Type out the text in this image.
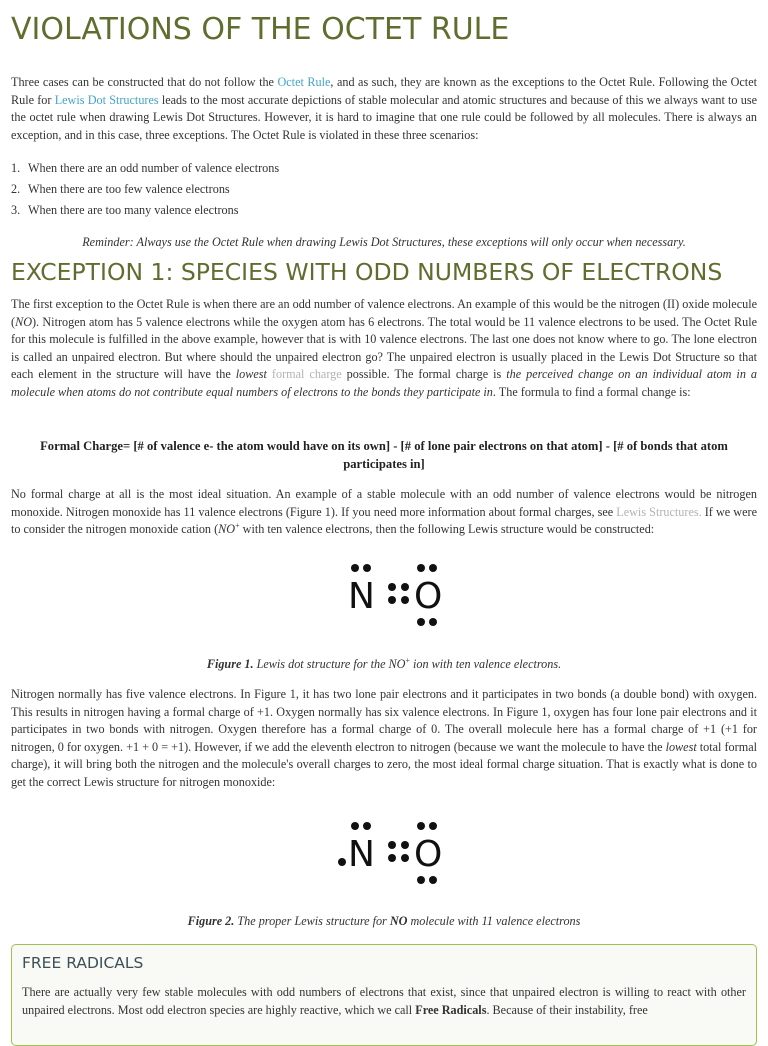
VIOLATIONS OF THE OCTET RULE

Three cases can be constructed that do not follow the Octet Rule, and as such, they are known as the exceptions to the Octet Rule. Following the Octet Rule for Lewis Dot Structures leads to the most accurate depictions of stable molecular and atomic structures and because of this we always want to use the octet rule when drawing Lewis Dot Structures. However, it is hard to imagine that one rule could be followed by all molecules. There is always an exception, and in this case, three exceptions. The Octet Rule is violated in these three scenarios:

1. When there are an odd number of valence electrons
2. When there are too few valence electrons
3. When there are too many valence electrons
Reminder: Always use the Octet Rule when drawing Lewis Dot Structures, these exceptions will only occur when necessary.
EXCEPTION 1: SPECIES WITH ODD NUMBERS OF ELECTRONS

The first exception to the Octet Rule is when there are an odd number of valence electrons. An example of this would be the nitrogen (II) oxide molecule (NO). Nitrogen atom has 5 valence electrons while the oxygen atom has 6 electrons. The total would be 11 valence electrons to be used. The Octet Rule for this molecule is fulfilled in the above example, however that is with 10 valence electrons. The last one does not know where to go. The lone electron is called an unpaired electron. But where should the unpaired electron go? The unpaired electron is usually placed in the Lewis Dot Structure so that each element in the structure will have the lowest formal charge possible. The formal charge is the perceived change on an individual atom in a molecule when atoms do not contribute equal numbers of electrons to the bonds they participate in. The formula to find a formal change is:

Formal Charge= [# of valence e- the atom would have on its own] - [# of lone pair electrons on that atom] - [# of bonds that atom participates in]

No formal charge at all is the most ideal situation. An example of a stable molecule with an odd number of valence electrons would be nitrogen monoxide. Nitrogen monoxide has 11 valence electrons (Figure 1). If you need more information about formal charges, see Lewis Structures. If we were to consider the nitrogen monoxide cation (NO+ with ten valence electrons, then the following Lewis structure would be constructed:

N O
Figure 1. Lewis dot structure for the NO+ ion with ten valence electrons.

Nitrogen normally has five valence electrons. In Figure 1, it has two lone pair electrons and it participates in two bonds (a double bond) with oxygen. This results in nitrogen having a formal charge of +1. Oxygen normally has six valence electrons. In Figure 1, oxygen has four lone pair electrons and it participates in two bonds with nitrogen. Oxygen therefore has a formal charge of 0. The overall molecule here has a formal charge of +1 (+1 for nitrogen, 0 for oxygen. +1 + 0 = +1). However, if we add the eleventh electron to nitrogen (because we want the molecule to have the lowest total formal charge), it will bring both the nitrogen and the molecule's overall charges to zero, the most ideal formal charge situation. That is exactly what is done to get the correct Lewis structure for nitrogen monoxide:

N O
Figure 2. The proper Lewis structure for NO molecule with 11 valence electrons
FREE RADICALS

There are actually very few stable molecules with odd numbers of electrons that exist, since that unpaired electron is willing to react with other unpaired electrons. Most odd electron species are highly reactive, which we call Free Radicals. Because of their instability, free
